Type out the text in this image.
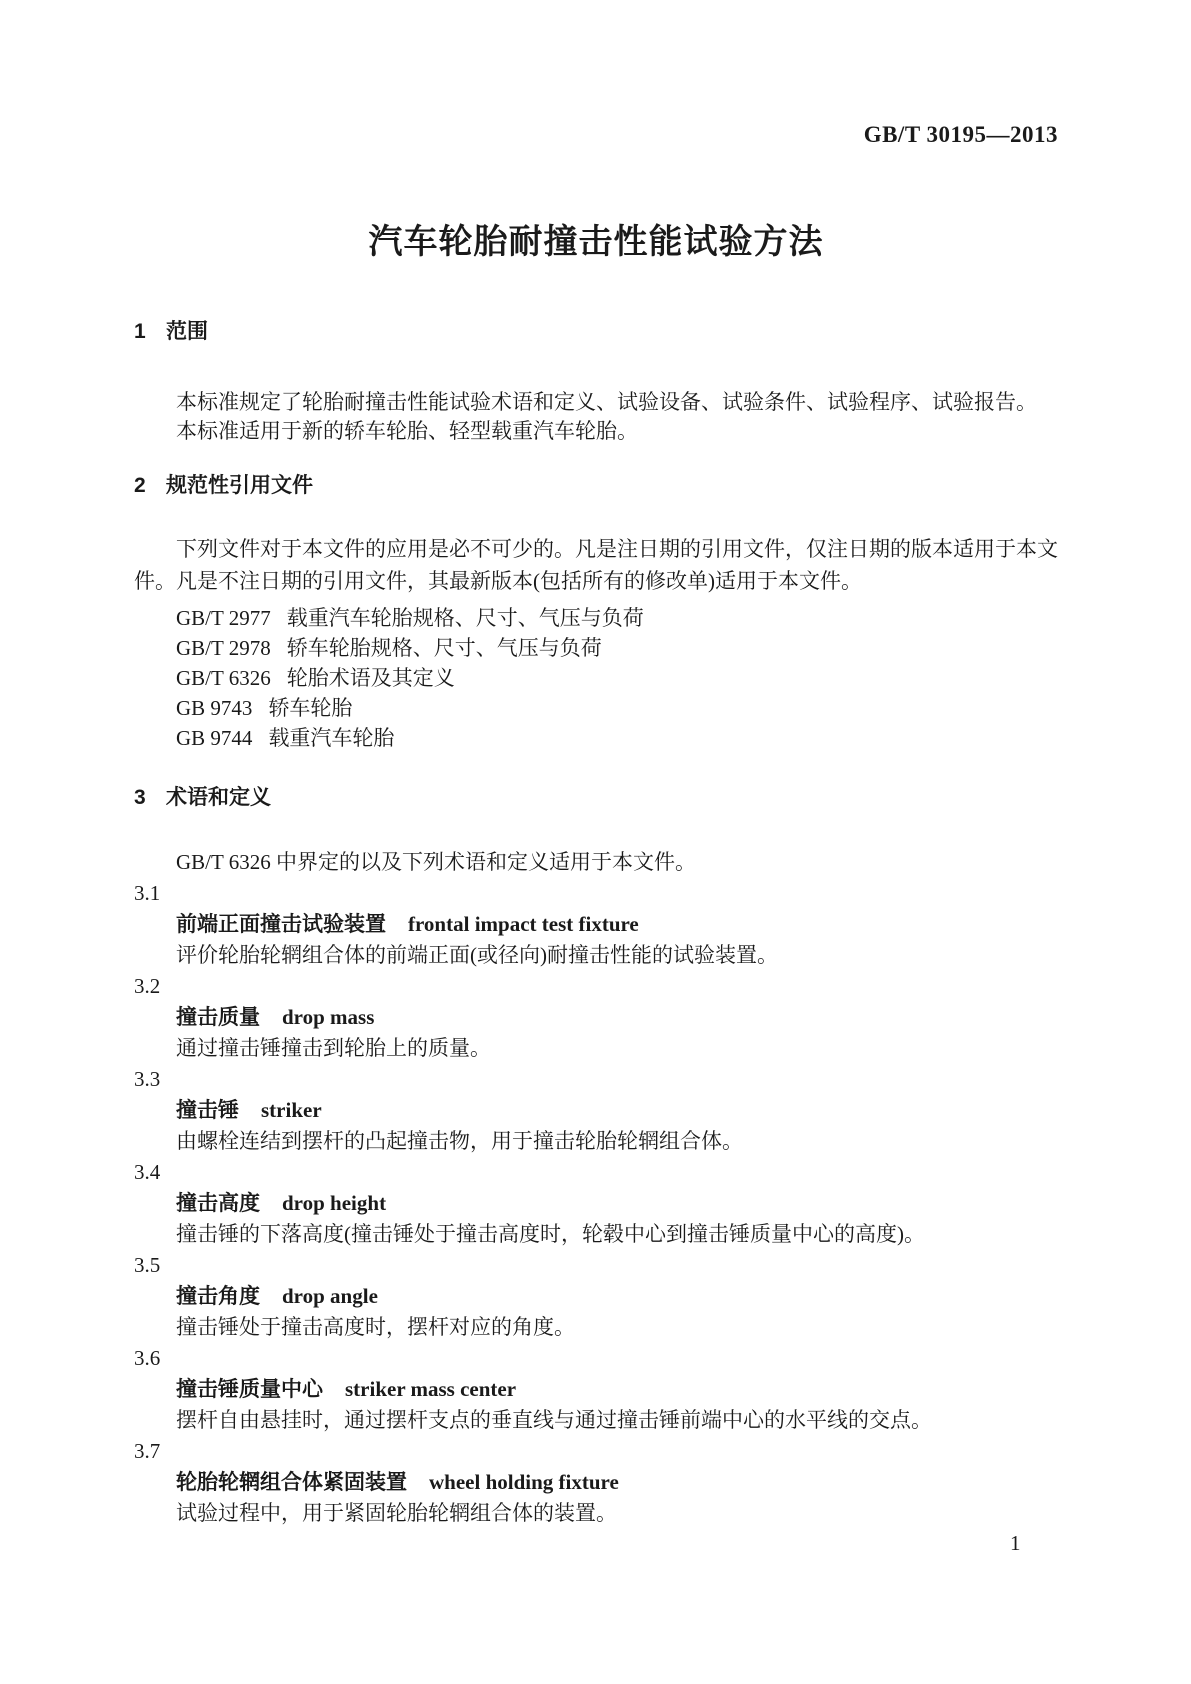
GB/T 30195—2013
汽车轮胎耐撞击性能试验方法
1 范围

本标准规定了轮胎耐撞击性能试验术语和定义、试验设备、试验条件、试验程序、试验报告。

本标准适用于新的轿车轮胎、轻型载重汽车轮胎。

2 规范性引用文件

下列文件对于本文件的应用是必不可少的。凡是注日期的引用文件，仅注日期的版本适用于本文件。凡是不注日期的引用文件，其最新版本(包括所有的修改单)适用于本文件。

GB/T 2977 载重汽车轮胎规格、尺寸、气压与负荷
GB/T 2978 轿车轮胎规格、尺寸、气压与负荷
GB/T 6326 轮胎术语及其定义
GB 9743 轿车轮胎
GB 9744 载重汽车轮胎
3 术语和定义

GB/T 6326 中界定的以及下列术语和定义适用于本文件。

3.1
前端正面撞击试验装置 frontal impact test fixture
评价轮胎轮辋组合体的前端正面(或径向)耐撞击性能的试验装置。
3.2
撞击质量 drop mass
通过撞击锤撞击到轮胎上的质量。
3.3
撞击锤 striker
由螺栓连结到摆杆的凸起撞击物，用于撞击轮胎轮辋组合体。
3.4
撞击高度 drop height
撞击锤的下落高度(撞击锤处于撞击高度时，轮毂中心到撞击锤质量中心的高度)。
3.5
撞击角度 drop angle
撞击锤处于撞击高度时，摆杆对应的角度。
3.6
撞击锤质量中心 striker mass center
摆杆自由悬挂时，通过摆杆支点的垂直线与通过撞击锤前端中心的水平线的交点。
3.7
轮胎轮辋组合体紧固装置 wheel holding fixture
试验过程中，用于紧固轮胎轮辋组合体的装置。
1
